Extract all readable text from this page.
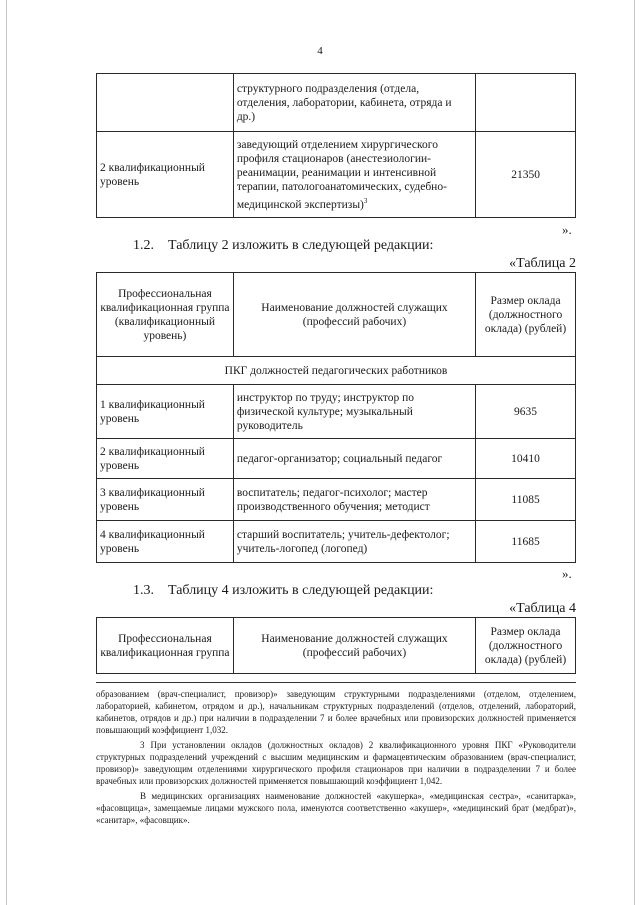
4
	структурного подразделения (отдела, отделения, лаборатории, кабинета, отряда и др.)	
2 квалификационный уровень	заведующий отделением хирургического профиля стационаров (анестезиологии-реанимации, реанимации и интенсивной терапии, патологоанатомических, судебно-медицинской экспертизы)$^3$	21350
».
1.2. Таблицу 2 изложить в следующей редакции:
«Таблица 2
Профессиональная квалификационная группа (квалификационный уровень)	Наименование должностей служащих (профессий рабочих)	Размер оклада (должностного оклада) (рублей)
ПКГ должностей педагогических работников		
1 квалификационный уровень	инструктор по труду; инструктор по физической культуре; музыкальный руководитель	9635
2 квалификационный уровень	педагог-организатор; социальный педагог	10410
3 квалификационный уровень	воспитатель; педагог-психолог; мастер производственного обучения; методист	11085
4 квалификационный уровень	старший воспитатель; учитель-дефектолог; учитель-логопед (логопед)	11685
».
1.3. Таблицу 4 изложить в следующей редакции:
«Таблица 4
Профессиональная квалификационная группа	Наименование должностей служащих (профессий рабочих)	Размер оклада (должностного оклада) (рублей)

образованием (врач-специалист, провизор)» заведующим структурными подразделениями (отделом, отделением, лабораторией, кабинетом, отрядом и др.), начальникам структурных подразделений (отделов, отделений, лабораторий, кабинетов, отрядов и др.) при наличии в подразделении 7 и более врачебных или провизорских должностей применяется повышающий коэффициент 1,032.

3 При установлении окладов (должностных окладов) 2 квалификационного уровня ПКГ «Руководители структурных подразделений учреждений с высшим медицинским и фармацевтическим образованием (врач-специалист, провизор)» заведующим отделениями хирургического профиля стационаров при наличии в подразделении 7 и более врачебных или провизорских должностей применяется повышающий коэффициент 1,042.

В медицинских организациях наименование должностей «акушерка», «медицинская сестра», «санитарка», «фасовщица», замещаемые лицами мужского пола, именуются соответственно «акушер», «медицинский брат (медбрат)», «санитар», «фасовщик».
